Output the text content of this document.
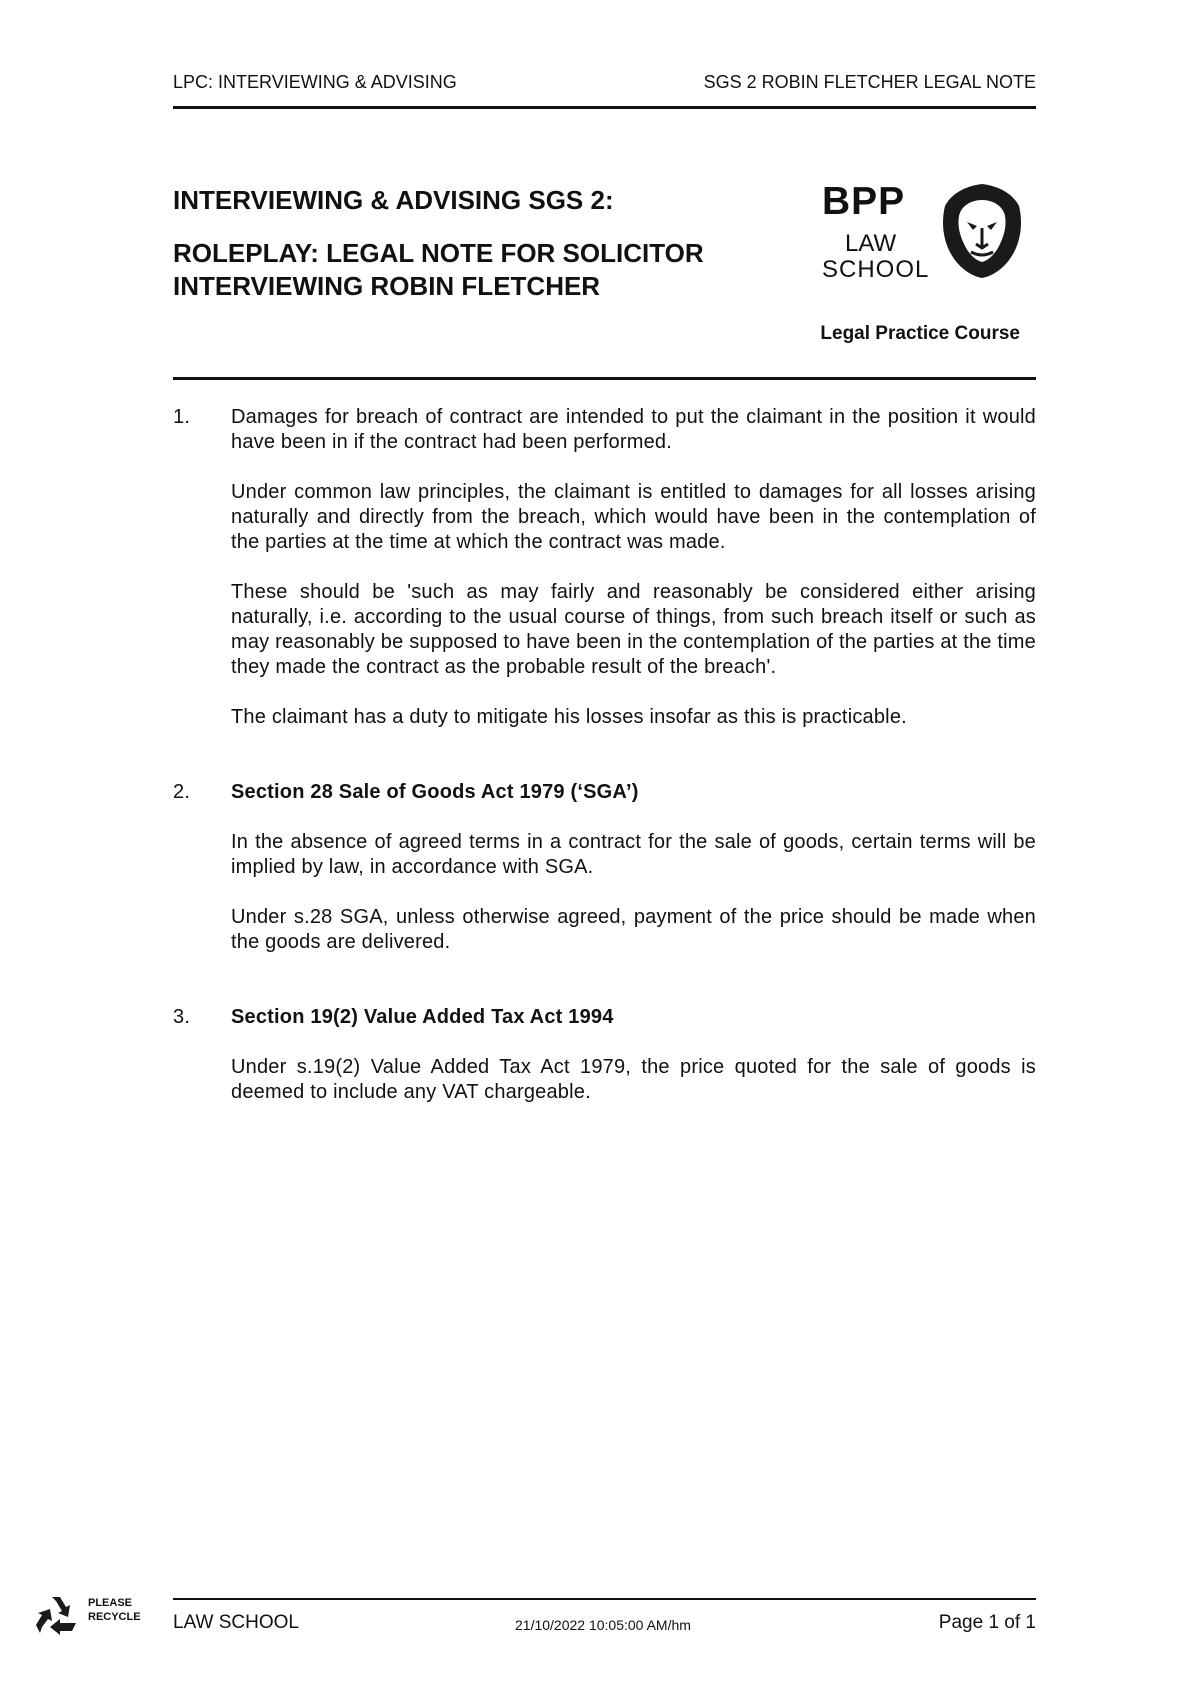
LPC: INTERVIEWING & ADVISING	SGS 2 ROBIN FLETCHER LEGAL NOTE
INTERVIEWING & ADVISING SGS 2:
ROLEPLAY: LEGAL NOTE FOR SOLICITOR
INTERVIEWING ROBIN FLETCHER
BPP
LAW
SCHOOL
Legal Practice Course
1. Damages for breach of contract are intended to put the claimant in the position it would have been in if the contract had been performed.

Under common law principles, the claimant is entitled to damages for all losses arising naturally and directly from the breach, which would have been in the contemplation of the parties at the time at which the contract was made.

These should be 'such as may fairly and reasonably be considered either arising naturally, i.e. according to the usual course of things, from such breach itself or such as may reasonably be supposed to have been in the contemplation of the parties at the time they made the contract as the probable result of the breach'.

The claimant has a duty to mitigate his losses insofar as this is practicable.

2. Section 28 Sale of Goods Act 1979 (‘SGA’)

In the absence of agreed terms in a contract for the sale of goods, certain terms will be implied by law, in accordance with SGA.

Under s.28 SGA, unless otherwise agreed, payment of the price should be made when the goods are delivered.

3. Section 19(2) Value Added Tax Act 1994

Under s.19(2) Value Added Tax Act 1979, the price quoted for the sale of goods is deemed to include any VAT chargeable.

PLEASE
RECYCLE LAW SCHOOL	21/10/2022 10:05:00 AM/hm	Page 1 of 1
